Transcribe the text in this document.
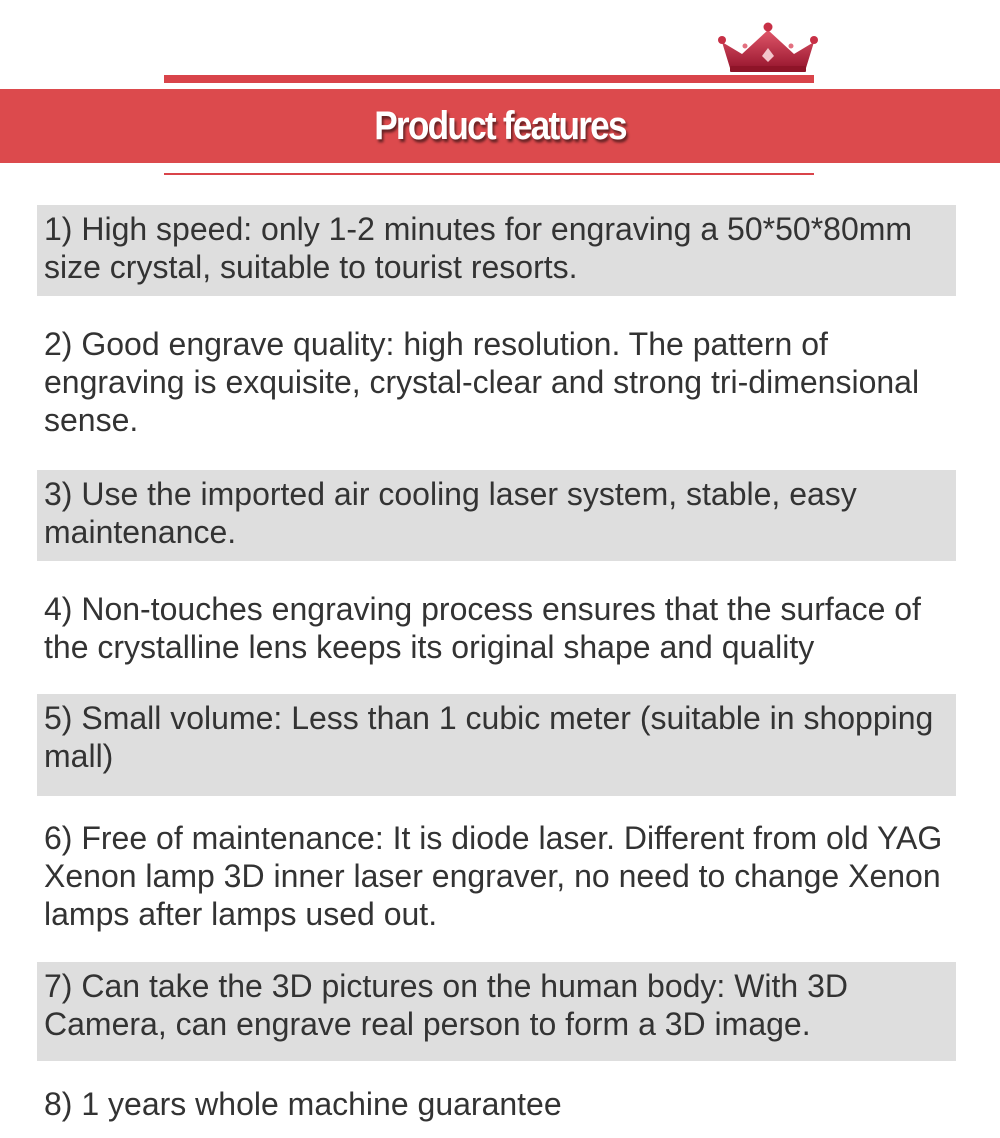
Product features
1) High speed: only 1-2 minutes for engraving a 50*50*80mm size crystal, suitable to tourist resorts.
2) Good engrave quality: high resolution. The pattern of engraving is exquisite, crystal-clear and strong tri-dimensional sense.
3) Use the imported air cooling laser system, stable, easy maintenance.
4) Non-touches engraving process ensures that the surface of the crystalline lens keeps its original shape and quality
5) Small volume: Less than 1 cubic meter (suitable in shopping mall)
6) Free of maintenance: It is diode laser. Different from old YAG Xenon lamp 3D inner laser engraver, no need to change Xenon lamps after lamps used out.
7) Can take the 3D pictures on the human body: With 3D Camera, can engrave real person to form a 3D image.
8) 1 years whole machine guarantee
